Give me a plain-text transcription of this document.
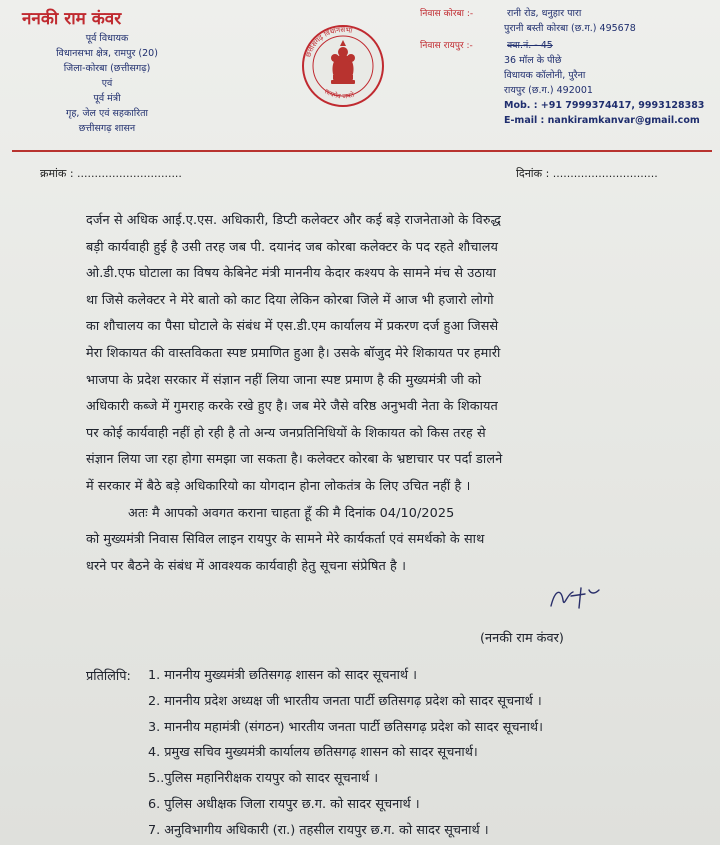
ननकी राम कंवर
पूर्व विधायक
विधानसभा क्षेत्र, रामपुर (20)
जिला-कोरबा (छत्तीसगढ़)
एवं
पूर्व मंत्री
गृह, जेल एवं सहकारिता
छत्तीसगढ़ शासन
छत्तीसगढ़ विधानसभा
सत्यमेव जयते
निवास कोरबा :-	रानी रोड, धनुहार पारा
पुरानी बस्ती कोरबा (छ.ग.) 495678
निवास रायपुर :-	क्वा.नं. - 45
36 मॉल के पीछे
विधायक कॉलोनी, पुरैना
रायपुर (छ.ग.) 492001
Mob. : +91 7999374417, 9993128383
E-mail : nankiramkanvar@gmail.com
क्रमांक : ..............................	दिनांक : ..............................
दर्जन से अधिक आई.ए.एस. अधिकारी, डिप्टी कलेक्टर और कई बड़े राजनेताओ के विरुद्ध
बड़ी कार्यवाही हुई है उसी तरह जब पी. दयानंद जब कोरबा कलेक्टर के पद रहते शौचालय
ओ.डी.एफ घोटाला का विषय केबिनेट मंत्री माननीय केदार कश्यप के सामने मंच से उठाया
था जिसे कलेक्टर ने मेरे बातो को काट दिया लेकिन कोरबा जिले में आज भी हजारो लोगो
का शौचालय का पैसा घोटाले के संबंध में एस.डी.एम कार्यालय में प्रकरण दर्ज हुआ जिससे
मेरा शिकायत की वास्तविकता स्पष्ट प्रमाणित हुआ है। उसके बॉजुद मेरे शिकायत पर हमारी
भाजपा के प्रदेश सरकार में संज्ञान नहीं लिया जाना स्पष्ट प्रमाण है की मुख्यमंत्री जी को
अधिकारी कब्जे में गुमराह करके रखे हुए है। जब मेरे जैसे वरिष्ठ अनुभवी नेता के शिकायत
पर कोई कार्यवाही नहीं हो रही है तो अन्य जनप्रतिनिधियों के शिकायत को किस तरह से
संज्ञान लिया जा रहा होगा समझा जा सकता है। कलेक्टर कोरबा के भ्रष्टाचार पर पर्दा डालने
में सरकार में बैठे बड़े अधिकारियो का योगदान होना लोकतंत्र के लिए उचित नहीं है ।
अतः मै आपको अवगत कराना चाहता हूँ की मै दिनांक 04/10/2025
को मुख्यमंत्री निवास सिविल लाइन रायपुर के सामने मेरे कार्यकर्ता एवं समर्थको के साथ
धरने पर बैठने के संबंध में आवश्यक कार्यवाही हेतु सूचना संप्रेषित है ।
(ननकी राम कंवर)
प्रतिलिपि: 1. माननीय मुख्यमंत्री छतिसगढ़ शासन को सादर सूचनार्थ ।
2. माननीय प्रदेश अध्यक्ष जी भारतीय जनता पार्टी छतिसगढ़ प्रदेश को सादर सूचनार्थ ।
3. माननीय महामंत्री (संगठन) भारतीय जनता पार्टी छतिसगढ़ प्रदेश को सादर सूचनार्थ।
4. प्रमुख सचिव मुख्यमंत्री कार्यालय छतिसगढ़ शासन को सादर सूचनार्थ।
5..पुलिस महानिरीक्षक रायपुर को सादर सूचनार्थ ।
6. पुलिस अधीक्षक जिला रायपुर छ.ग. को सादर सूचनार्थ ।
7. अनुविभागीय अधिकारी (रा.) तहसील रायपुर छ.ग. को सादर सूचनार्थ ।
